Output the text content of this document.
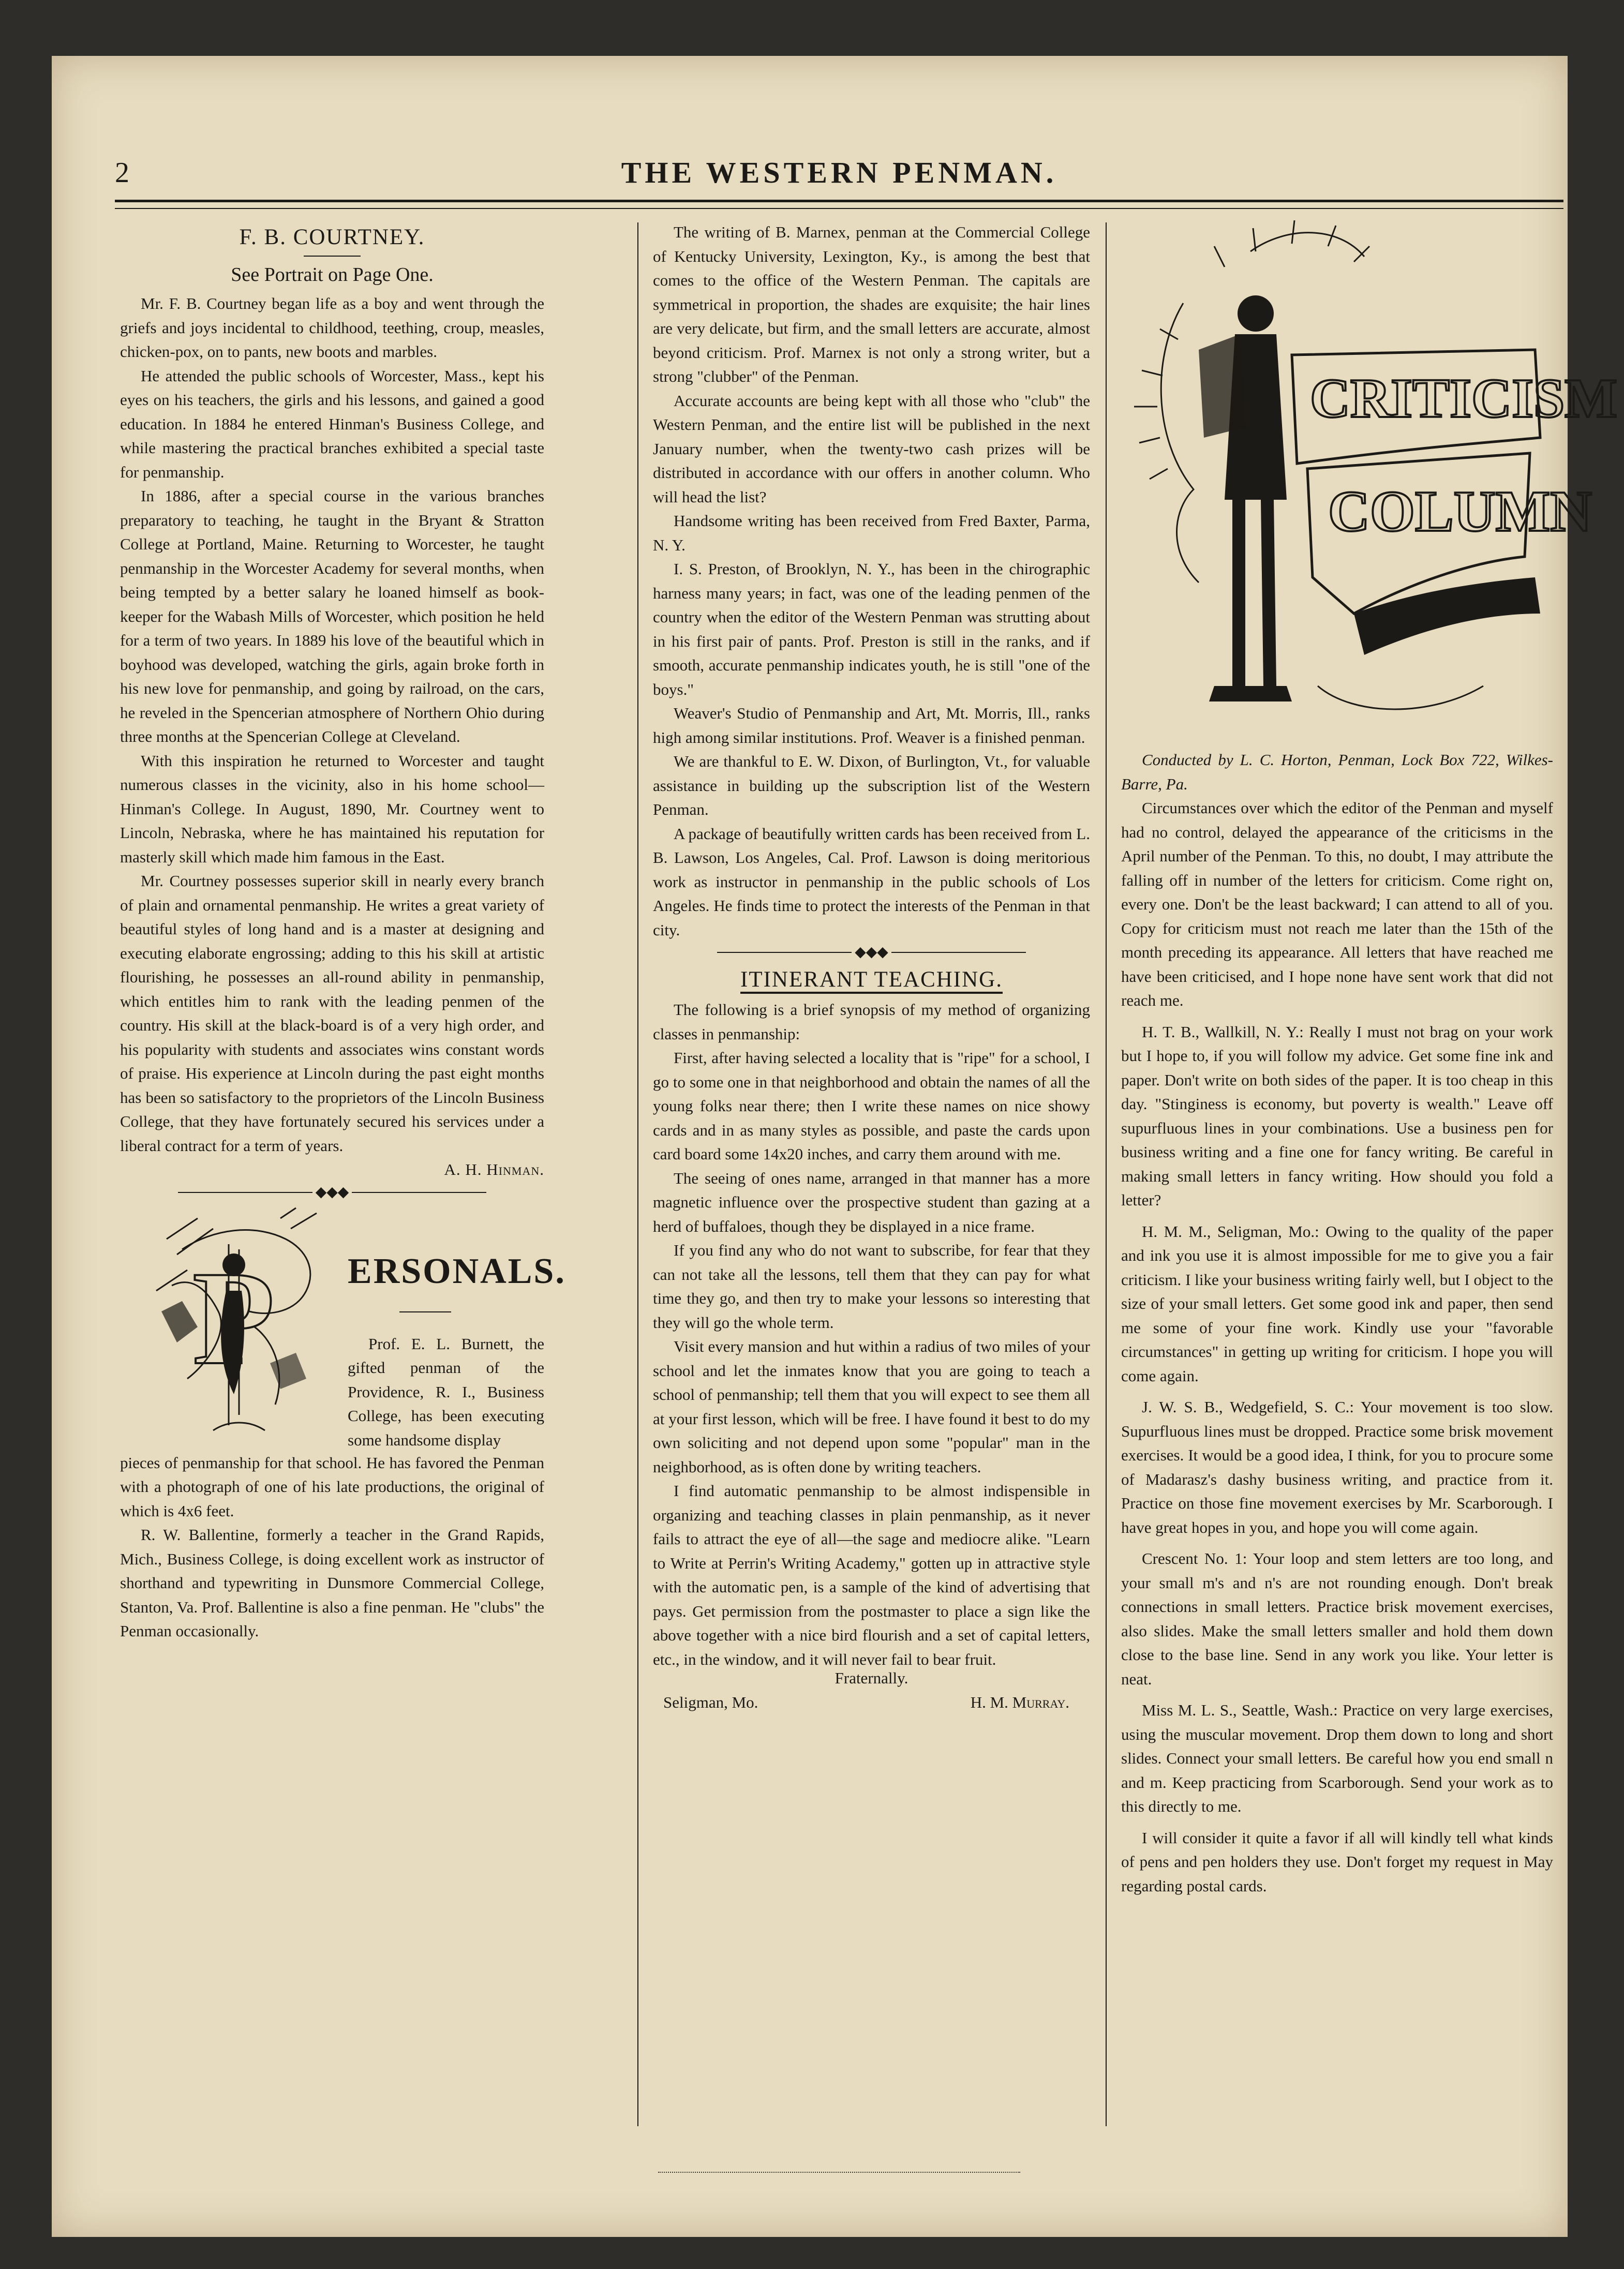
2	THE WESTERN PENMAN.
F. B. COURTNEY.
See Portrait on Page One.

Mr. F. B. Courtney began life as a boy and went through the griefs and joys incidental to childhood, teething, croup, measles, chicken-pox, on to pants, new boots and marbles.

He attended the public schools of Worcester, Mass., kept his eyes on his teachers, the girls and his lessons, and gained a good education. In 1884 he entered Hinman's Business College, and while mastering the practical branches exhibited a special taste for penmanship.

In 1886, after a special course in the various branches preparatory to teaching, he taught in the Bryant & Stratton College at Portland, Maine. Returning to Worcester, he taught penmanship in the Worcester Academy for several months, when being tempted by a better salary he loaned himself as book-keeper for the Wabash Mills of Worcester, which position he held for a term of two years. In 1889 his love of the beautiful which in boyhood was developed, watching the girls, again broke forth in his new love for penmanship, and going by railroad, on the cars, he reveled in the Spencerian atmosphere of Northern Ohio during three months at the Spencerian College at Cleveland.

With this inspiration he returned to Worcester and taught numerous classes in the vicinity, also in his home school—Hinman's College. In August, 1890, Mr. Courtney went to Lincoln, Nebraska, where he has maintained his reputation for masterly skill which made him famous in the East.

Mr. Courtney possesses superior skill in nearly every branch of plain and ornamental penmanship. He writes a great variety of beautiful styles of long hand and is a master at designing and executing elaborate engrossing; adding to this his skill at artistic flourishing, he possesses an all-round ability in penmanship, which entitles him to rank with the leading penmen of the country. His skill at the black-board is of a very high order, and his popularity with students and associates wins constant words of praise. His experience at Lincoln during the past eight months has been so satisfactory to the proprietors of the Lincoln Business College, that they have fortunately secured his services under a liberal contract for a term of years.

A. H. Hinman.

◆◆◆
P ERSONALS.
Prof. E. L. Burnett, the gifted penman of the Providence, R. I., Business College, has been executing some handsome display

pieces of penmanship for that school. He has favored the Penman with a photograph of one of his late productions, the original of which is 4x6 feet.

R. W. Ballentine, formerly a teacher in the Grand Rapids, Mich., Business College, is doing excellent work as instructor of shorthand and typewriting in Dunsmore Commercial College, Stanton, Va. Prof. Ballentine is also a fine penman. He "clubs" the Penman occasionally.

The writing of B. Marnex, penman at the Commercial College of Kentucky University, Lexington, Ky., is among the best that comes to the office of the Western Penman. The capitals are symmetrical in proportion, the shades are exquisite; the hair lines are very delicate, but firm, and the small letters are accurate, almost beyond criticism. Prof. Marnex is not only a strong writer, but a strong "clubber" of the Penman.

Accurate accounts are being kept with all those who "club" the Western Penman, and the entire list will be published in the next January number, when the twenty-two cash prizes will be distributed in accordance with our offers in another column. Who will head the list?

Handsome writing has been received from Fred Baxter, Parma, N. Y.

I. S. Preston, of Brooklyn, N. Y., has been in the chirographic harness many years; in fact, was one of the leading penmen of the country when the editor of the Western Penman was strutting about in his first pair of pants. Prof. Preston is still in the ranks, and if smooth, accurate penmanship indicates youth, he is still "one of the boys."

Weaver's Studio of Penmanship and Art, Mt. Morris, Ill., ranks high among similar institutions. Prof. Weaver is a finished penman.

We are thankful to E. W. Dixon, of Burlington, Vt., for valuable assistance in building up the subscription list of the Western Penman.

A package of beautifully written cards has been received from L. B. Lawson, Los Angeles, Cal. Prof. Lawson is doing meritorious work as instructor in penmanship in the public schools of Los Angeles. He finds time to protect the interests of the Penman in that city.

◆◆◆
ITINERANT TEACHING.

The following is a brief synopsis of my method of organizing classes in penmanship:

First, after having selected a locality that is "ripe" for a school, I go to some one in that neighborhood and obtain the names of all the young folks near there; then I write these names on nice showy cards and in as many styles as possible, and paste the cards upon card board some 14x20 inches, and carry them around with me.

The seeing of ones name, arranged in that manner has a more magnetic influence over the prospective student than gazing at a herd of buffaloes, though they be displayed in a nice frame.

If you find any who do not want to subscribe, for fear that they can not take all the lessons, tell them that they can pay for what time they go, and then try to make your lessons so interesting that they will go the whole term.

Visit every mansion and hut within a radius of two miles of your school and let the inmates know that you are going to teach a school of penmanship; tell them that you will expect to see them all at your first lesson, which will be free. I have found it best to do my own soliciting and not depend upon some "popular" man in the neighborhood, as is often done by writing teachers.

I find automatic penmanship to be almost indispensible in organizing and teaching classes in plain penmanship, as it never fails to attract the eye of all—the sage and mediocre alike. "Learn to Write at Perrin's Writing Academy," gotten up in attractive style with the automatic pen, is a sample of the kind of advertising that pays. Get permission from the postmaster to place a sign like the above together with a nice bird flourish and a set of capital letters, etc., in the window, and it will never fail to bear fruit.

Fraternally.
Seligman, Mo.	H. M. Murray.
CRITICISM
COLUMN

Conducted by L. C. Horton, Penman, Lock Box 722, Wilkes-Barre, Pa.

Circumstances over which the editor of the Penman and myself had no control, delayed the appearance of the criticisms in the April number of the Penman. To this, no doubt, I may attribute the falling off in number of the letters for criticism. Come right on, every one. Don't be the least backward; I can attend to all of you. Copy for criticism must not reach me later than the 15th of the month preceding its appearance. All letters that have reached me have been criticised, and I hope none have sent work that did not reach me.

H. T. B., Wallkill, N. Y.: Really I must not brag on your work but I hope to, if you will follow my advice. Get some fine ink and paper. Don't write on both sides of the paper. It is too cheap in this day. "Stinginess is economy, but poverty is wealth." Leave off supurfluous lines in your combinations. Use a business pen for business writing and a fine one for fancy writing. Be careful in making small letters in fancy writing. How should you fold a letter?

H. M. M., Seligman, Mo.: Owing to the quality of the paper and ink you use it is almost impossible for me to give you a fair criticism. I like your business writing fairly well, but I object to the size of your small letters. Get some good ink and paper, then send me some of your fine work. Kindly use your "favorable circumstances" in getting up writing for criticism. I hope you will come again.

J. W. S. B., Wedgefield, S. C.: Your movement is too slow. Supurfluous lines must be dropped. Practice some brisk movement exercises. It would be a good idea, I think, for you to procure some of Madarasz's dashy business writing, and practice from it. Practice on those fine movement exercises by Mr. Scarborough. I have great hopes in you, and hope you will come again.

Crescent No. 1: Your loop and stem letters are too long, and your small m's and n's are not rounding enough. Don't break connections in small letters. Practice brisk movement exercises, also slides. Make the small letters smaller and hold them down close to the base line. Send in any work you like. Your letter is neat.

Miss M. L. S., Seattle, Wash.: Practice on very large exercises, using the muscular movement. Drop them down to long and short slides. Connect your small letters. Be careful how you end small n and m. Keep practicing from Scarborough. Send your work as to this directly to me.

I will consider it quite a favor if all will kindly tell what kinds of pens and pen holders they use. Don't forget my request in May regarding postal cards.
